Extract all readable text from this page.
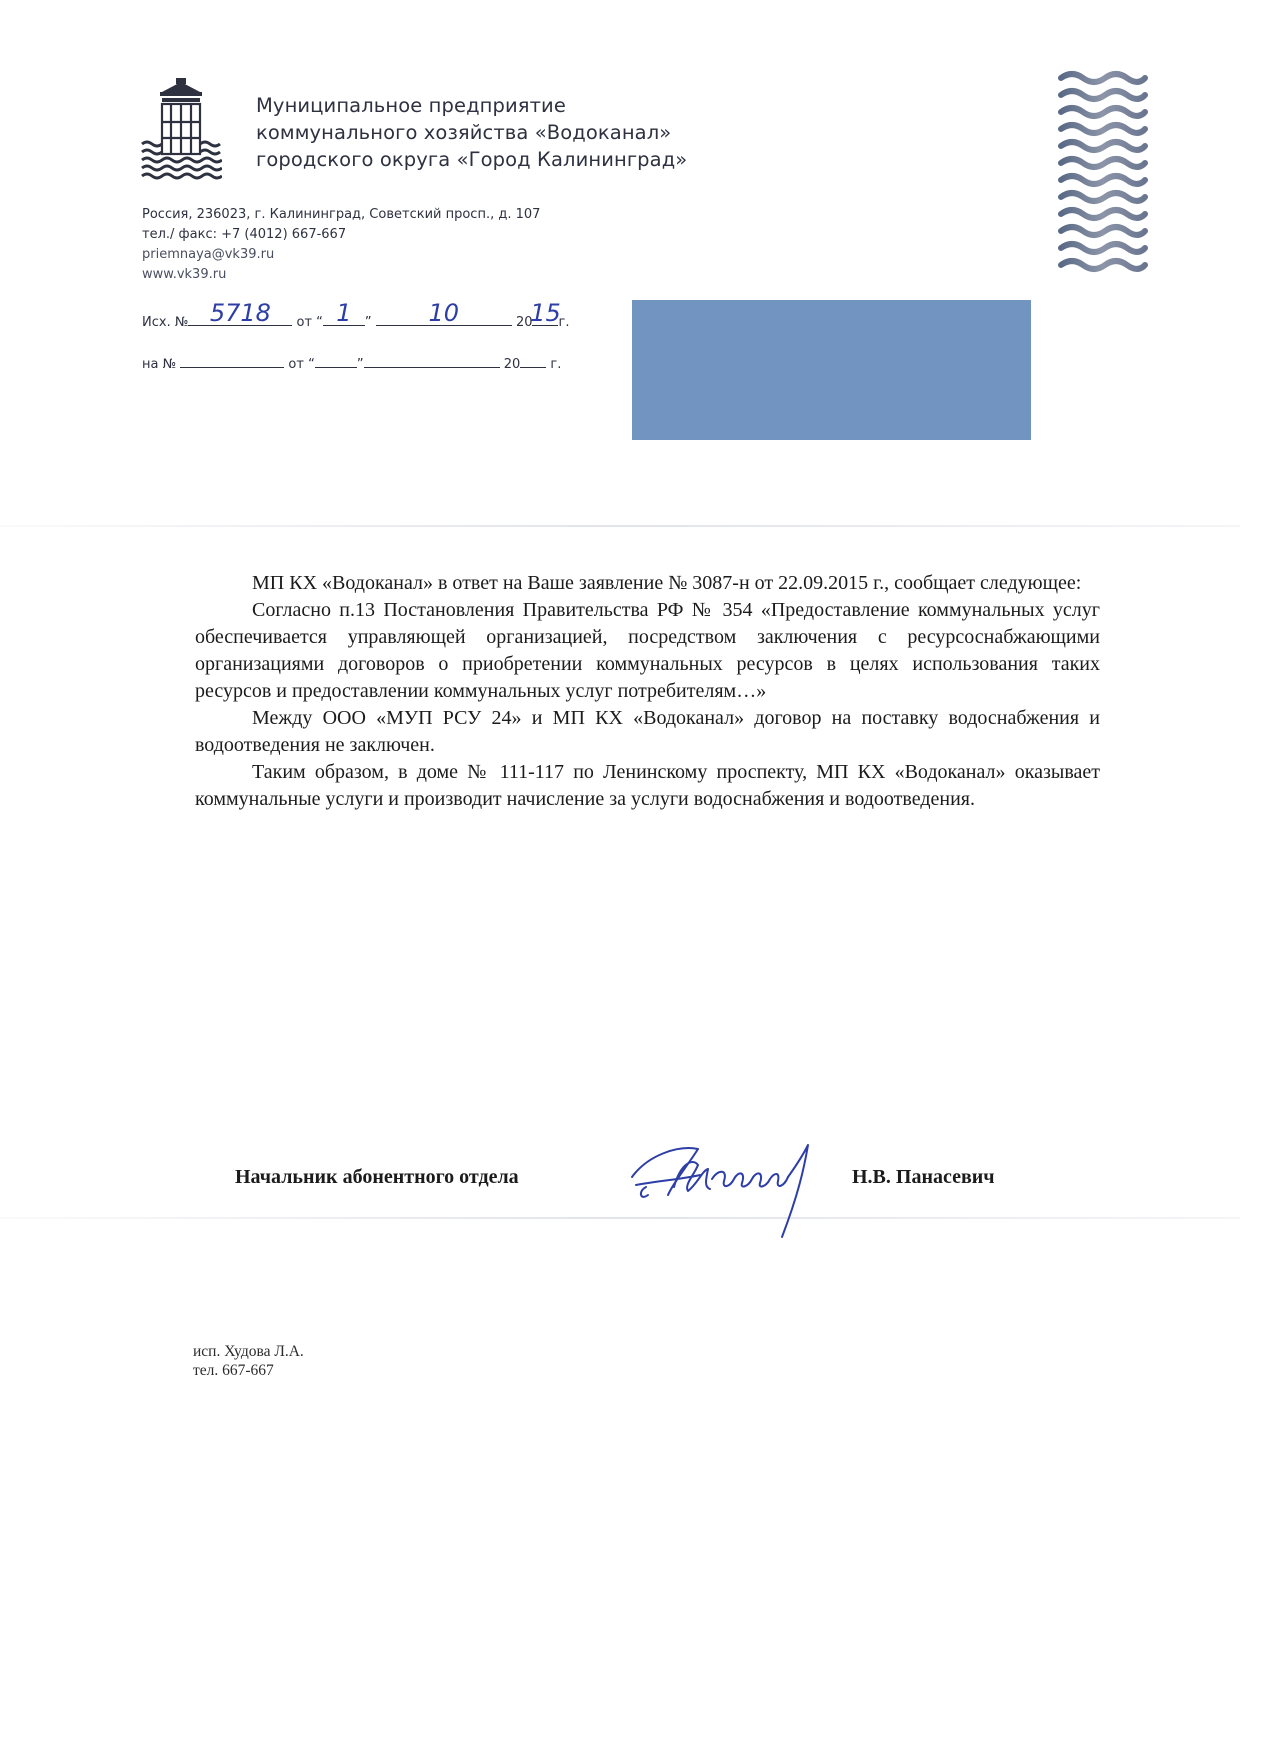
Муниципальное предприятие
коммунального хозяйства «Водоканал»
городского округа «Город Калининград»
Россия, 236023, г. Калининград, Советский просп., д. 107
тел./ факс: +7 (4012) 667-667
priemnaya@vk39.ru
www.vk39.ru
Исх. № 5718 от “ 1 ” 10	20
15
г.
на №	от “	”	20 г.

МП КХ «Водоканал» в ответ на Ваше заявление № 3087-н от 22.09.2015 г., сообщает следующее:

Согласно п.13 Постановления Правительства РФ № 354 «Предоставление коммунальных услуг обеспечивается управляющей организацией, посредством заключения с ресурсоснабжающими организациями договоров о приобретении коммунальных ресурсов в целях использования таких ресурсов и предоставлении коммунальных услуг потребителям…»

Между ООО «МУП РСУ 24» и МП КХ «Водоканал» договор на поставку водоснабжения и водоотведения не заключен.

Таким образом, в доме № 111-117 по Ленинскому проспекту, МП КХ «Водоканал» оказывает коммунальные услуги и производит начисление за услуги водоснабжения и водоотведения.

Начальник абонентного отдела	Н.В. Панасевич
исп. Худова Л.А.
тел. 667-667
